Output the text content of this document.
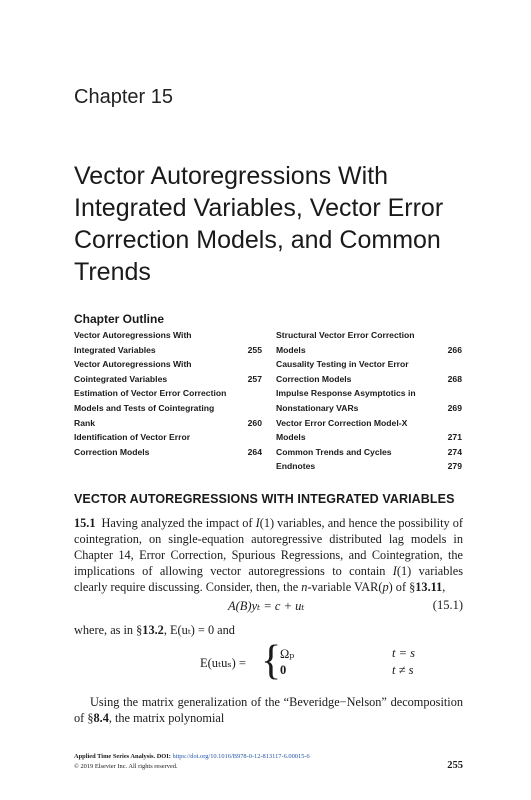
Chapter 15
Vector Autoregressions With Integrated Variables, Vector Error Correction Models, and Common Trends
Chapter Outline
Vector Autoregressions With Integrated Variables	255
Vector Autoregressions With Cointegrated Variables	257
Estimation of Vector Error Correction Models and Tests of Cointegrating Rank	260
Identification of Vector Error Correction Models	264
Structural Vector Error Correction Models	266
Causality Testing in Vector Error Correction Models	268
Impulse Response Asymptotics in Nonstationary VARs	269
Vector Error Correction Model-X Models	271
Common Trends and Cycles	274
Endnotes	279
VECTOR AUTOREGRESSIONS WITH INTEGRATED VARIABLES
15.1 Having analyzed the impact of I(1) variables, and hence the possibility of cointegration, on single-equation autoregressive distributed lag models in Chapter 14, Error Correction, Spurious Regressions, and Cointegration, the implications of allowing vector autoregressions to contain I(1) variables clearly require discussing. Consider, then, the n-variable VAR(p) of §13.11,
A(B)yₜ = c + uₜ	(15.1)
where, as in §13.2, E(uₜ) = 0 and
E(uₜuₛ) = {
Ωₚ	t = s
0	t ≠ s
Using the matrix generalization of the “Beveridge−Nelson” decomposition of §8.4, the matrix polynomial
Applied Time Series Analysis. DOI: https://doi.org/10.1016/B978-0-12-813117-6.00015-6
© 2019 Elsevier Inc. All rights reserved.	255
